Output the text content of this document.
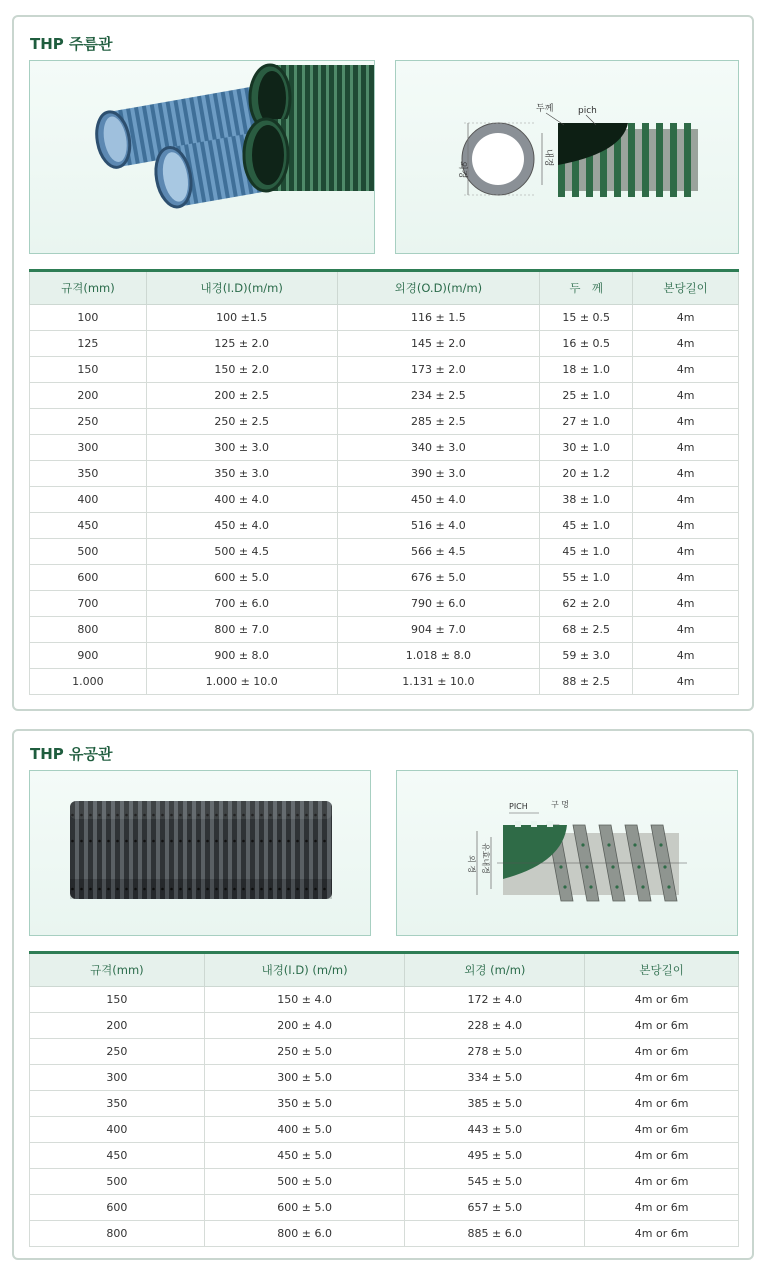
THP 주름관
외경
내경
두께	pich
규격(mm)	내경(I.D)(m/m)	외경(O.D)(m/m)	두　께	본당길이
100	100 ±1.5	116 ± 1.5	15 ± 0.5	4m
125	125 ± 2.0	145 ± 2.0	16 ± 0.5	4m
150	150 ± 2.0	173 ± 2.0	18 ± 1.0	4m
200	200 ± 2.5	234 ± 2.5	25 ± 1.0	4m
250	250 ± 2.5	285 ± 2.5	27 ± 1.0	4m
300	300 ± 3.0	340 ± 3.0	30 ± 1.0	4m
350	350 ± 3.0	390 ± 3.0	20 ± 1.2	4m
400	400 ± 4.0	450 ± 4.0	38 ± 1.0	4m
450	450 ± 4.0	516 ± 4.0	45 ± 1.0	4m
500	500 ± 4.5	566 ± 4.5	45 ± 1.0	4m
600	600 ± 5.0	676 ± 5.0	55 ± 1.0	4m
700	700 ± 6.0	790 ± 6.0	62 ± 2.0	4m
800	800 ± 7.0	904 ± 7.0	68 ± 2.5	4m
900	900 ± 8.0	1.018 ± 8.0	59 ± 3.0	4m
1.000	1.000 ± 10.0	1.131 ± 10.0	88 ± 2.5	4m
THP 유공관
PICH	구 멍
외 경 유효내경
규격(mm)	내경(I.D) (m/m)	외경 (m/m)	본당길이
150	150 ± 4.0	172 ± 4.0	4m or 6m
200	200 ± 4.0	228 ± 4.0	4m or 6m
250	250 ± 5.0	278 ± 5.0	4m or 6m
300	300 ± 5.0	334 ± 5.0	4m or 6m
350	350 ± 5.0	385 ± 5.0	4m or 6m
400	400 ± 5.0	443 ± 5.0	4m or 6m
450	450 ± 5.0	495 ± 5.0	4m or 6m
500	500 ± 5.0	545 ± 5.0	4m or 6m
600	600 ± 5.0	657 ± 5.0	4m or 6m
800	800 ± 6.0	885 ± 6.0	4m or 6m
